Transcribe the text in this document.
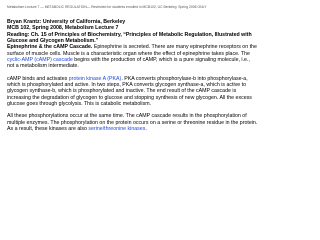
Metabolism Lecture 7 — METABOLIC REGULATION— Restricted for students enrolled in MCB102, UC Berkeley, Spring 2008 ONLY
Bryan Krantz: University of California, Berkeley
MCB 102, Spring 2008, Metabolism Lecture 7
Reading: Ch. 15 of Principles of Biochemistry, “Principles of Metabolic Regulation, Illustrated with Glucose and Glycogen Metabolism.”
Epinephrine & the cAMP Cascade. Epinephrine is secreted. There are many epinephrine receptors on the surface of muscle cells. Muscle is a characteristic organ where the effect of epinephrine takes place. The cyclic-AMP (cAMP) cascade begins with the production of cAMP, which is a pure signaling molecule, i.e., not a metabolism intermediate.
cAMP binds and activates protein kinase A (PKA). PKA converts phosphorylase-b into phosphorylase-a, which is phosphorylated and active. In two steps, PKA converts glycogen synthase-a, which is active to glycogen synthase-b, which is phosphorylated and inactive. The end result of the cAMP cascade is increasing the degradation of glycogen to glucose and stopping synthesis of new glycogen. All the excess glucose goes through glycolysis. This is catabolic metabolism.
All these phosphorylations occur at the same time. The cAMP cascade results in the phosphorylation of multiple enzymes. The phosphorylation on the protein occurs on a serine or threonine residue in the protein. As a result, these kinases are also serine/threonine kinases.
